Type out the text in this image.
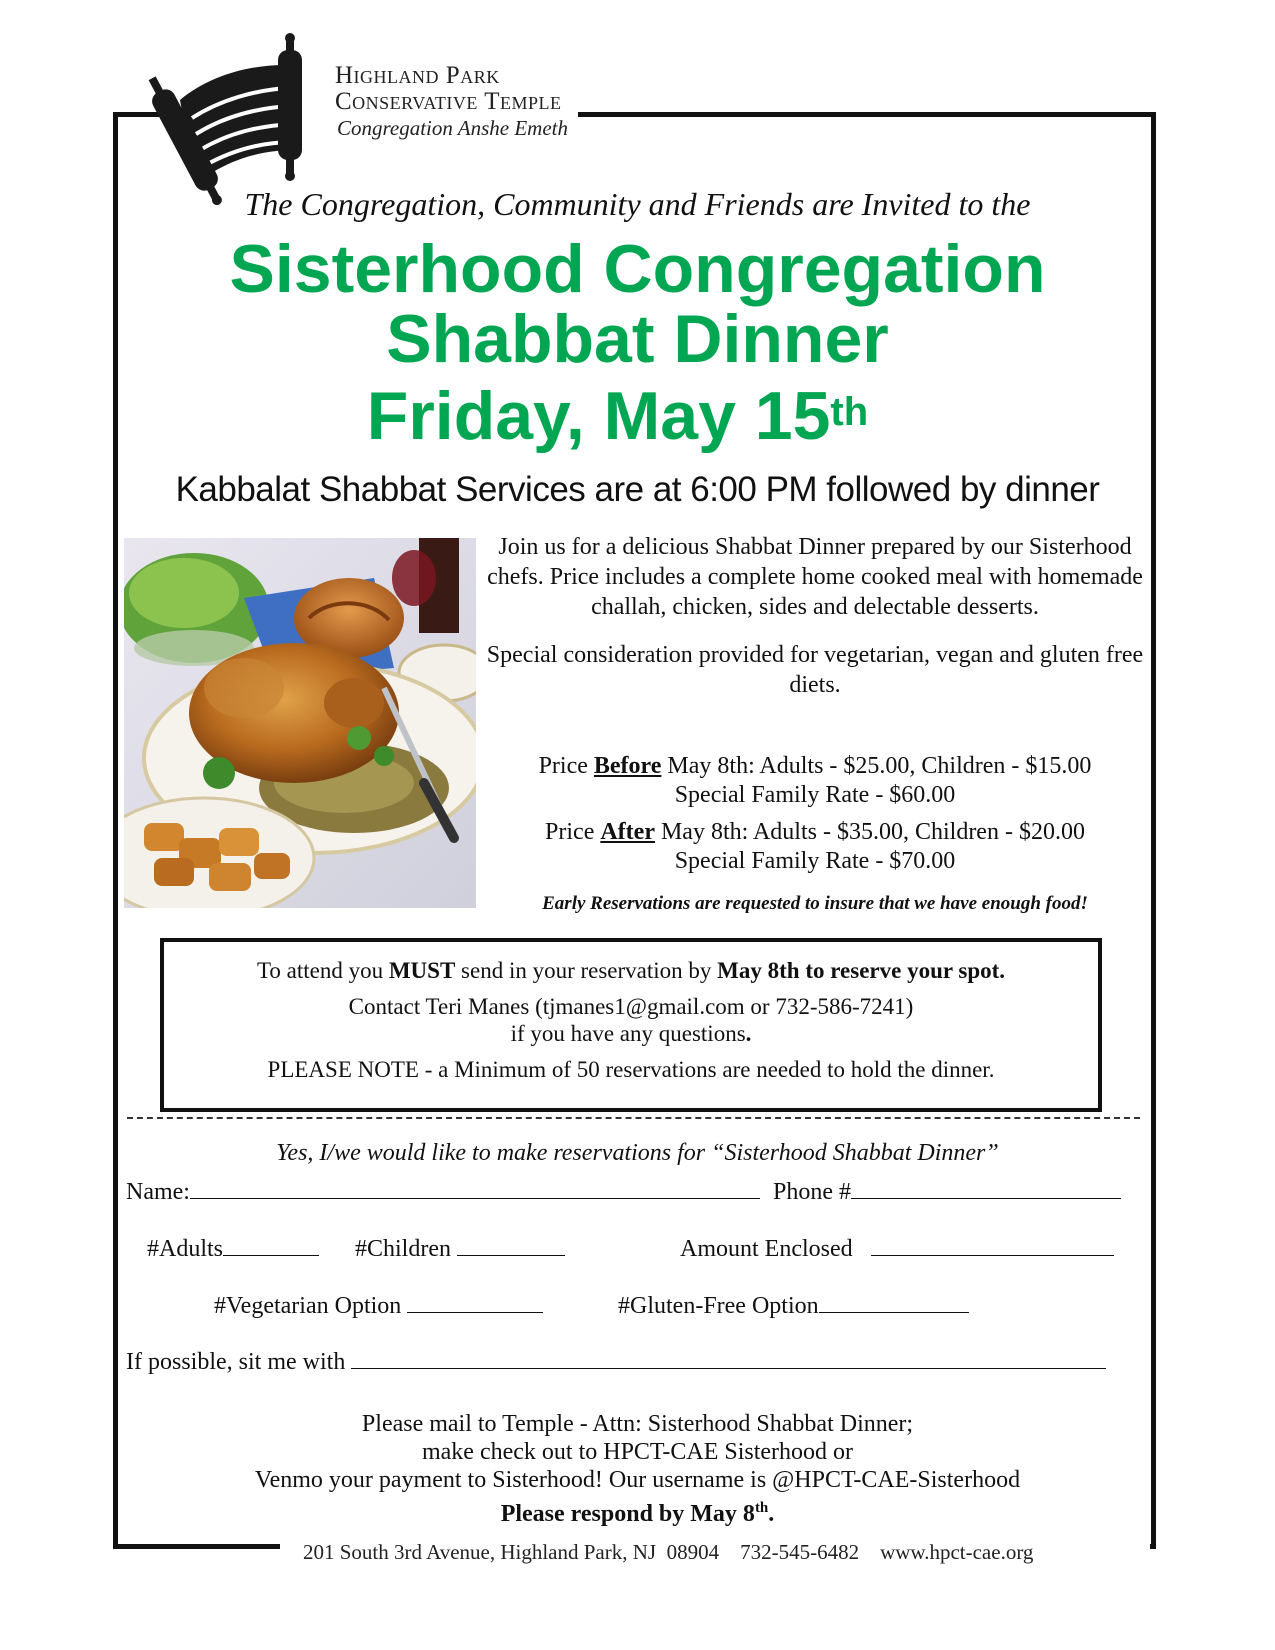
Highland Park
Conservative Temple
Congregation Anshe Emeth
The Congregation, Community and Friends are Invited to the
Sisterhood Congregation
Shabbat Dinner
Friday, May 15th
Kabbalat Shabbat Services are at 6:00 PM followed by dinner

Join us for a delicious Shabbat Dinner prepared by our Sisterhood chefs. Price includes a complete home cooked meal with homemade challah, chicken, sides and delectable desserts.

Special consideration provided for vegetarian, vegan and gluten free diets.

Price Before May 8th: Adults - $25.00, Children - $15.00
Special Family Rate - $60.00
Price After May 8th: Adults - $35.00, Children - $20.00
Special Family Rate - $70.00
Early Reservations are requested to insure that we have enough food!

To attend you MUST send in your reservation by May 8th to reserve your spot.

Contact Teri Manes (tjmanes1@gmail.com or 732-586-7241)
if you have any questions.

PLEASE NOTE - a Minimum of 50 reservations are needed to hold the dinner.

Yes, I/we would like to make reservations for “Sisterhood Shabbat Dinner”
Name:	Phone #
#Adults	#Children	Amount Enclosed
#Vegetarian Option	#Gluten-Free Option
If possible, sit me with
Please mail to Temple - Attn: Sisterhood Shabbat Dinner;
make check out to HPCT-CAE Sisterhood or
Venmo your payment to Sisterhood! Our username is @HPCT-CAE-Sisterhood
Please respond by May 8th.
201 South 3rd Avenue, Highland Park, NJ  08904    732-545-6482    www.hpct-cae.org
